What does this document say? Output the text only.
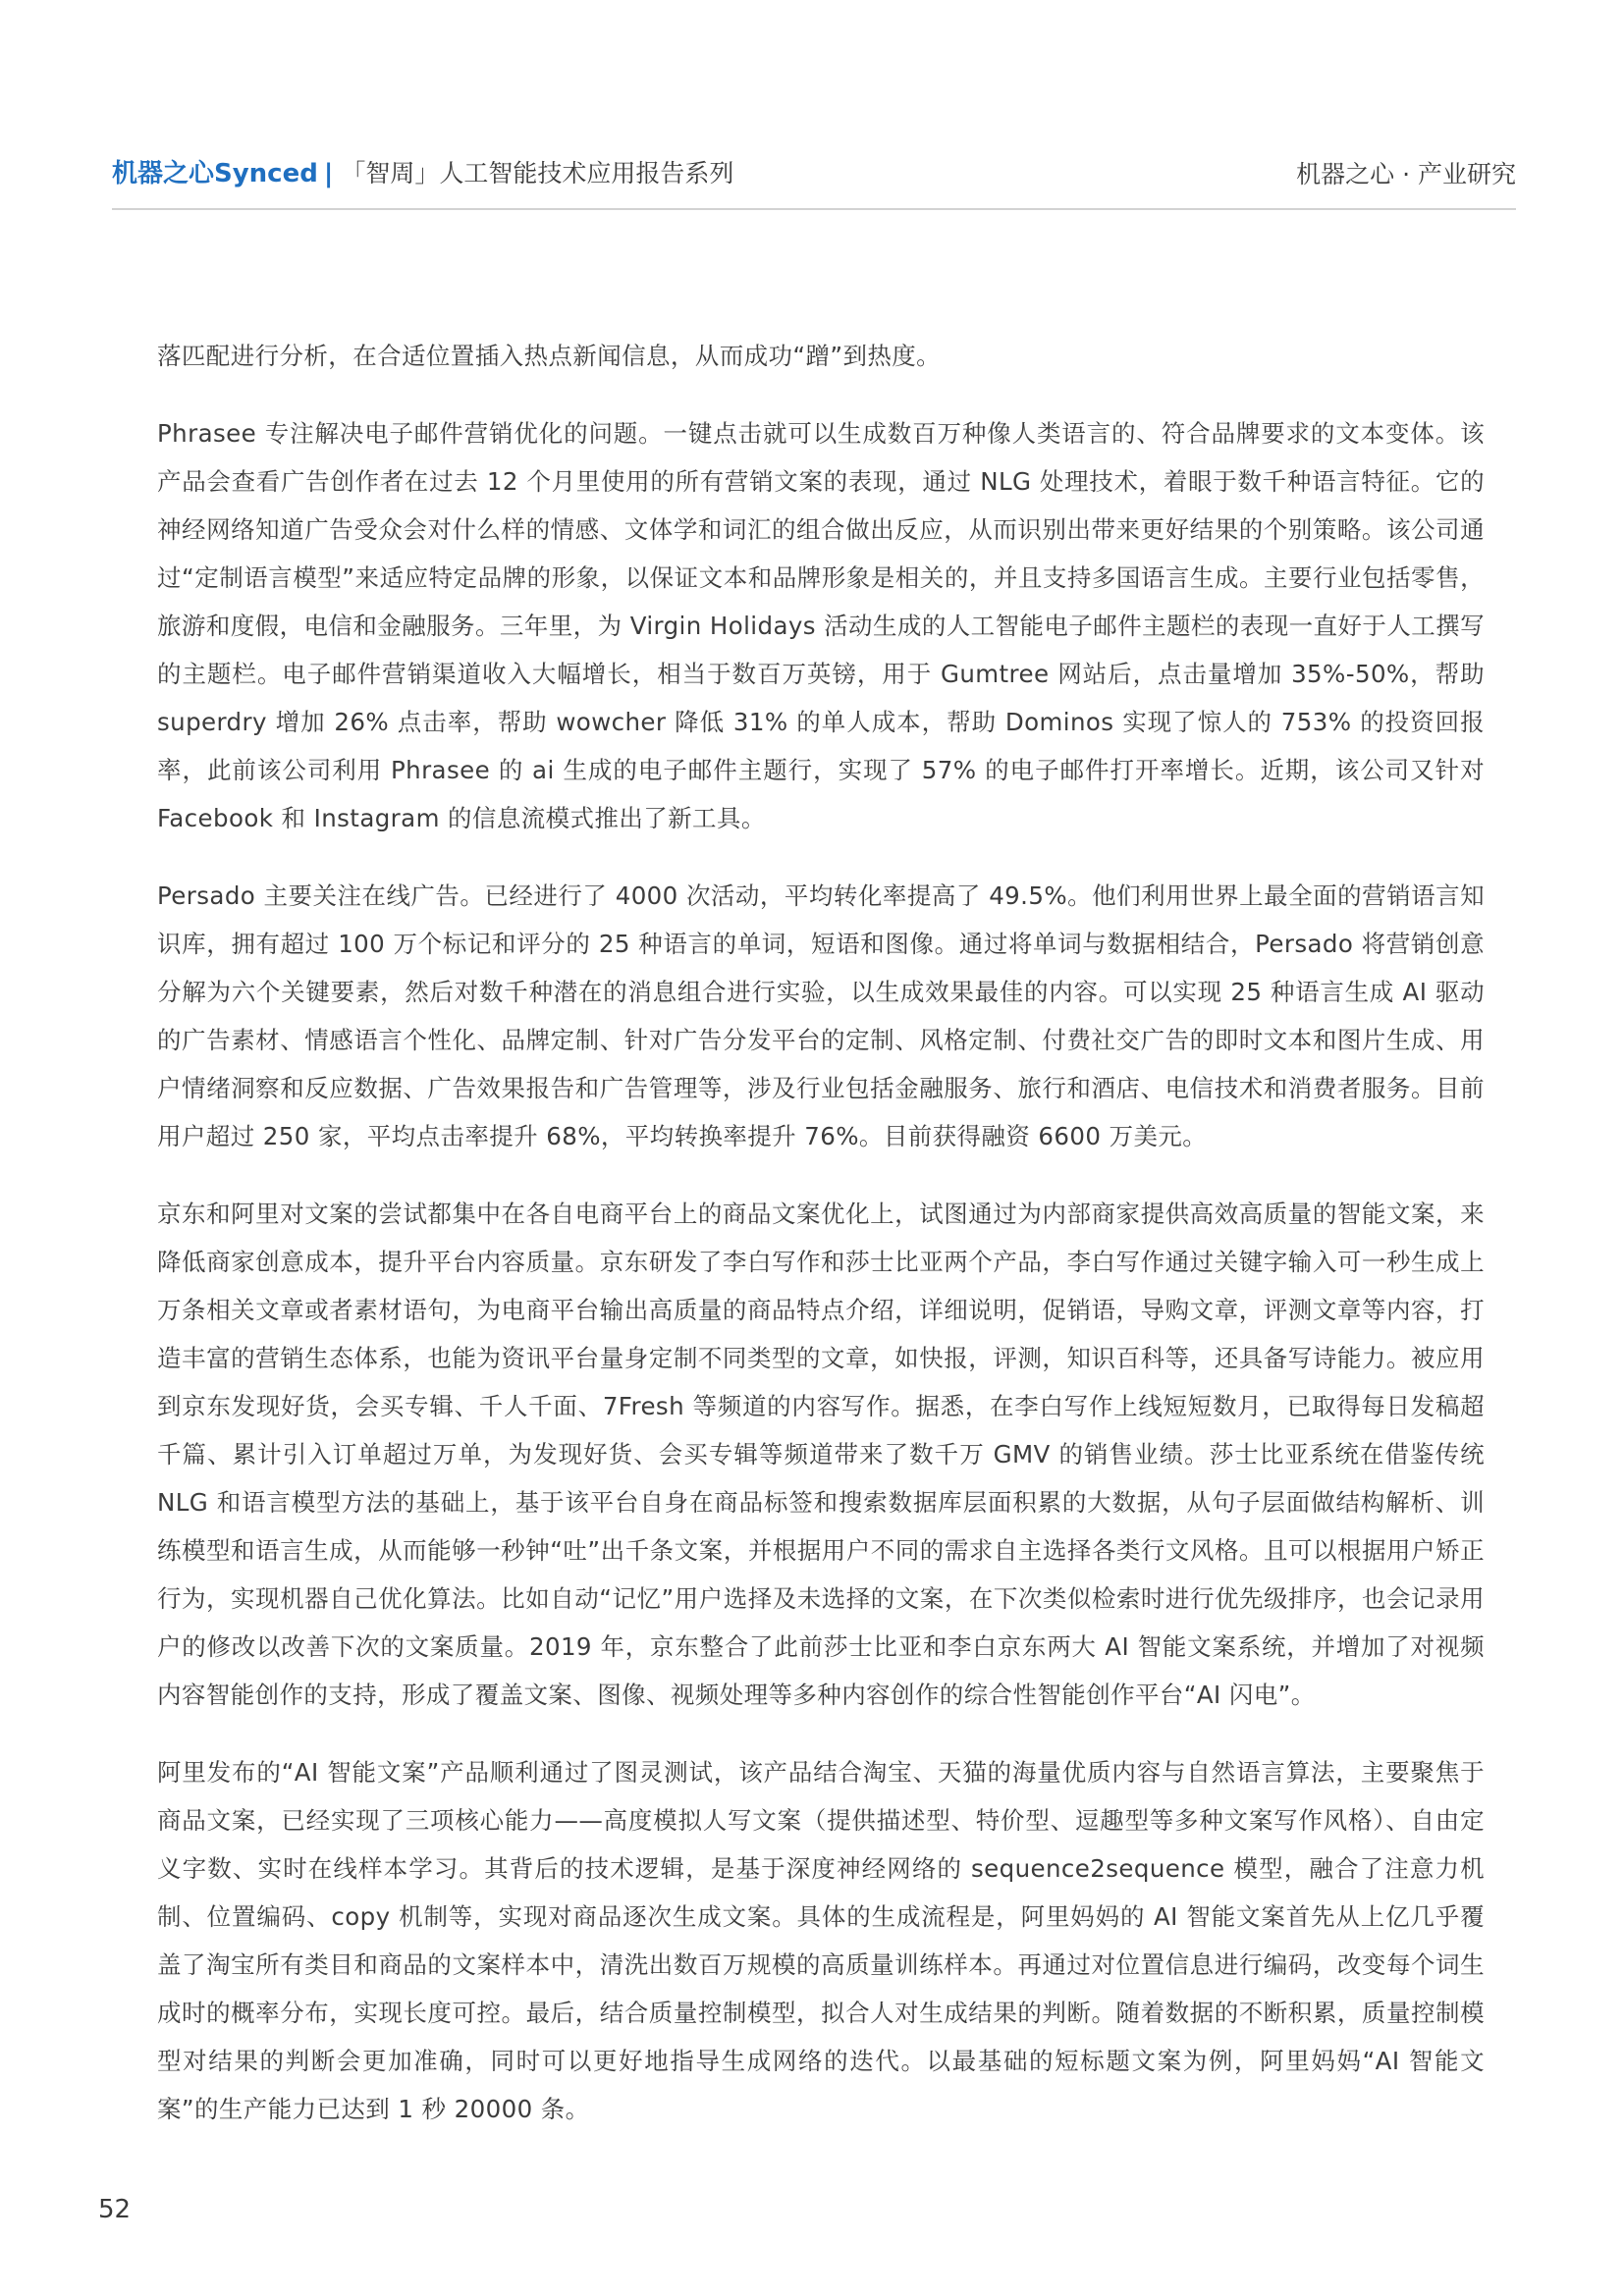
机器之心Synced | 「智周」人工智能技术应用报告系列	机器之心 · 产业研究

落匹配进行分析，在合适位置插入热点新闻信息，从而成功“蹭”到热度。

Phrasee 专注解决电子邮件营销优化的问题。一键点击就可以生成数百万种像人类语言的、符合品牌要求的文本变体。该产品会查看广告创作者在过去 12 个月里使用的所有营销文案的表现，通过 NLG 处理技术，着眼于数千种语言特征。它的神经网络知道广告受众会对什么样的情感、文体学和词汇的组合做出反应，从而识别出带来更好结果的个别策略。该公司通过“定制语言模型”来适应特定品牌的形象，以保证文本和品牌形象是相关的，并且支持多国语言生成。主要行业包括零售，旅游和度假，电信和金融服务。三年里，为 Virgin Holidays 活动生成的人工智能电子邮件主题栏的表现一直好于人工撰写的主题栏。电子邮件营销渠道收入大幅增长，相当于数百万英镑，用于 Gumtree 网站后，点击量增加 35%-50%，帮助 superdry 增加 26% 点击率，帮助 wowcher 降低 31% 的单人成本，帮助 Dominos 实现了惊人的 753% 的投资回报率，此前该公司利用 Phrasee 的 ai 生成的电子邮件主题行，实现了 57% 的电子邮件打开率增长。近期，该公司又针对 Facebook 和 Instagram 的信息流模式推出了新工具。

Persado 主要关注在线广告。已经进行了 4000 次活动，平均转化率提高了 49.5%。他们利用世界上最全面的营销语言知识库，拥有超过 100 万个标记和评分的 25 种语言的单词，短语和图像。通过将单词与数据相结合，Persado 将营销创意分解为六个关键要素，然后对数千种潜在的消息组合进行实验，以生成效果最佳的内容。可以实现 25 种语言生成 AI 驱动的广告素材、情感语言个性化、品牌定制、针对广告分发平台的定制、风格定制、付费社交广告的即时文本和图片生成、用户情绪洞察和反应数据、广告效果报告和广告管理等，涉及行业包括金融服务、旅行和酒店、电信技术和消费者服务。目前用户超过 250 家，平均点击率提升 68%，平均转换率提升 76%。目前获得融资 6600 万美元。

京东和阿里对文案的尝试都集中在各自电商平台上的商品文案优化上，试图通过为内部商家提供高效高质量的智能文案，来降低商家创意成本，提升平台内容质量。京东研发了李白写作和莎士比亚两个产品，李白写作通过关键字输入可一秒生成上万条相关文章或者素材语句，为电商平台输出高质量的商品特点介绍，详细说明，促销语，导购文章，评测文章等内容，打造丰富的营销生态体系，也能为资讯平台量身定制不同类型的文章，如快报，评测，知识百科等，还具备写诗能力。被应用到京东发现好货，会买专辑、千人千面、7Fresh 等频道的内容写作。据悉，在李白写作上线短短数月，已取得每日发稿超千篇、累计引入订单超过万单，为发现好货、会买专辑等频道带来了数千万 GMV 的销售业绩。莎士比亚系统在借鉴传统 NLG 和语言模型方法的基础上，基于该平台自身在商品标签和搜索数据库层面积累的大数据，从句子层面做结构解析、训练模型和语言生成，从而能够一秒钟“吐”出千条文案，并根据用户不同的需求自主选择各类行文风格。且可以根据用户矫正行为，实现机器自己优化算法。比如自动“记忆”用户选择及未选择的文案，在下次类似检索时进行优先级排序，也会记录用户的修改以改善下次的文案质量。2019 年，京东整合了此前莎士比亚和李白京东两大 AI 智能文案系统，并增加了对视频内容智能创作的支持，形成了覆盖文案、图像、视频处理等多种内容创作的综合性智能创作平台“AI 闪电”。

阿里发布的“AI 智能文案”产品顺利通过了图灵测试，该产品结合淘宝、天猫的海量优质内容与自然语言算法，主要聚焦于商品文案，已经实现了三项核心能力——高度模拟人写文案（提供描述型、特价型、逗趣型等多种文案写作风格）、自由定义字数、实时在线样本学习。其背后的技术逻辑，是基于深度神经网络的 sequence2sequence 模型，融合了注意力机制、位置编码、copy 机制等，实现对商品逐次生成文案。具体的生成流程是，阿里妈妈的 AI 智能文案首先从上亿几乎覆盖了淘宝所有类目和商品的文案样本中，清洗出数百万规模的高质量训练样本。再通过对位置信息进行编码，改变每个词生成时的概率分布，实现长度可控。最后，结合质量控制模型，拟合人对生成结果的判断。随着数据的不断积累，质量控制模型对结果的判断会更加准确，同时可以更好地指导生成网络的迭代。以最基础的短标题文案为例，阿里妈妈“AI 智能文案”的生产能力已达到 1 秒 20000 条。

52
